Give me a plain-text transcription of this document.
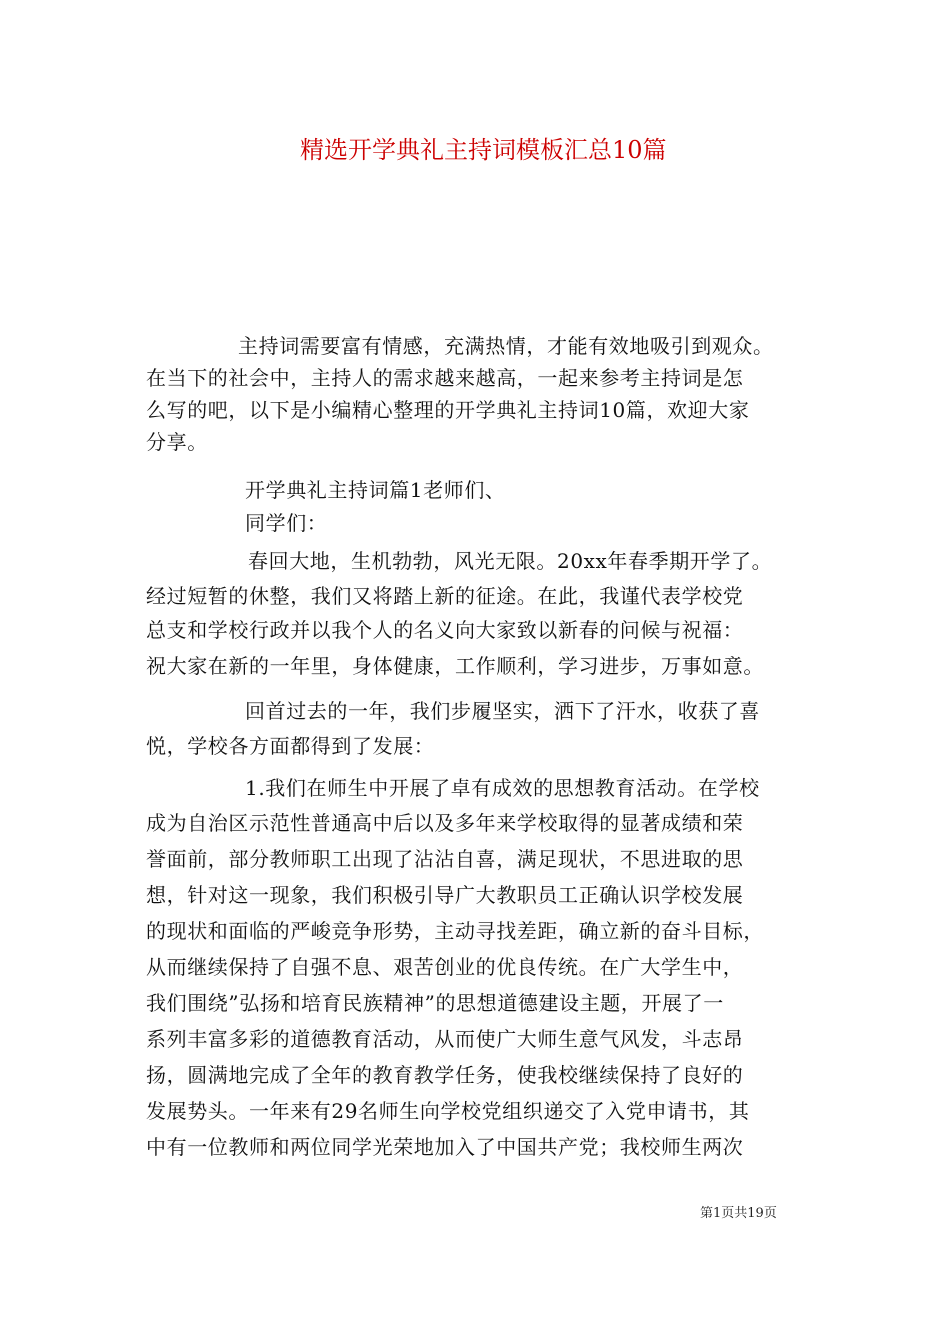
精选开学典礼主持词模板汇总10篇
主持词需要富有情感，充满热情，才能有效地吸引到观众。
在当下的社会中，主持人的需求越来越高，一起来参考主持词是怎
么写的吧，以下是小编精心整理的开学典礼主持词10篇，欢迎大家
分享。
开学典礼主持词篇1老师们、
同学们：
春回大地，生机勃勃，风光无限。20xx年春季期开学了。
经过短暂的休整，我们又将踏上新的征途。在此，我谨代表学校党
总支和学校行政并以我个人的名义向大家致以新春的问候与祝福：
祝大家在新的一年里，身体健康，工作顺利，学习进步，万事如意。
回首过去的一年，我们步履坚实，洒下了汗水，收获了喜
悦，学校各方面都得到了发展：
1.我们在师生中开展了卓有成效的思想教育活动。在学校
成为自治区示范性普通高中后以及多年来学校取得的显著成绩和荣
誉面前，部分教师职工出现了沾沾自喜，满足现状，不思进取的思
想，针对这一现象，我们积极引导广大教职员工正确认识学校发展
的现状和面临的严峻竞争形势，主动寻找差距，确立新的奋斗目标，
从而继续保持了自强不息、艰苦创业的优良传统。在广大学生中，
我们围绕”弘扬和培育民族精神”的思想道德建设主题，开展了一
系列丰富多彩的道德教育活动，从而使广大师生意气风发，斗志昂
扬，圆满地完成了全年的教育教学任务，使我校继续保持了良好的
发展势头。一年来有29名师生向学校党组织递交了入党申请书，其
中有一位教师和两位同学光荣地加入了中国共产党；我校师生两次
第1页共19页
